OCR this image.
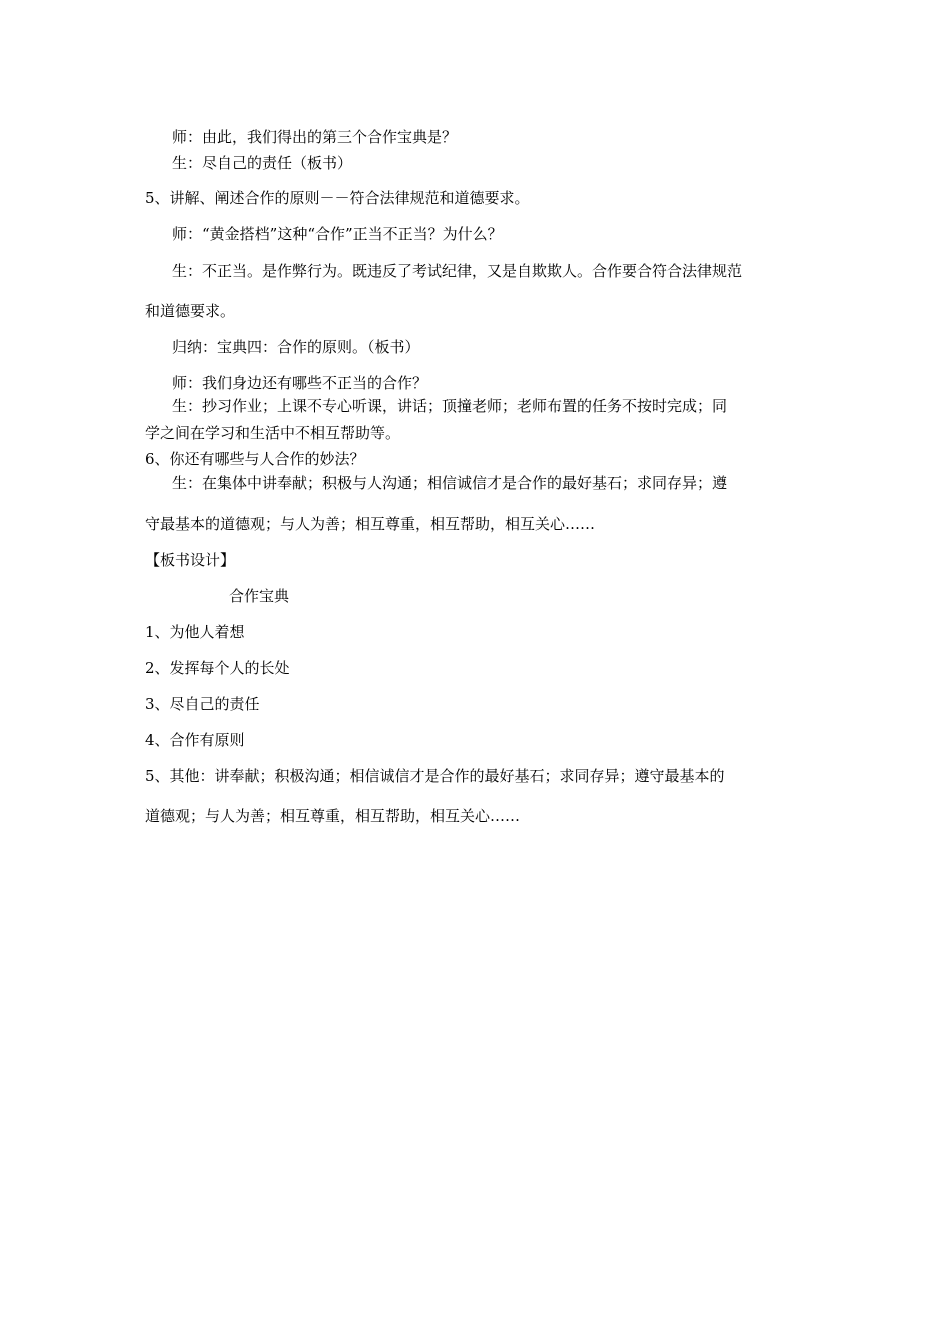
师：由此，我们得出的第三个合作宝典是？
生：尽自己的责任（板书）
5、讲解、阐述合作的原则－－符合法律规范和道德要求。
师：“黄金搭档”这种“合作”正当不正当？为什么？
生：不正当。是作弊行为。既违反了考试纪律，又是自欺欺人。合作要合符合法律规范
和道德要求。
归纳：宝典四：合作的原则。（板书）
师：我们身边还有哪些不正当的合作？
生：抄习作业；上课不专心听课，讲话；顶撞老师；老师布置的任务不按时完成；同
学之间在学习和生活中不相互帮助等。
6、你还有哪些与人合作的妙法？
生：在集体中讲奉献；积极与人沟通；相信诚信才是合作的最好基石；求同存异；遵
守最基本的道德观；与人为善；相互尊重，相互帮助，相互关心……
【板书设计】
合作宝典
1、为他人着想
2、发挥每个人的长处
3、尽自己的责任
4、合作有原则
5、其他：讲奉献；积极沟通；相信诚信才是合作的最好基石；求同存异；遵守最基本的
道德观；与人为善；相互尊重，相互帮助，相互关心……
